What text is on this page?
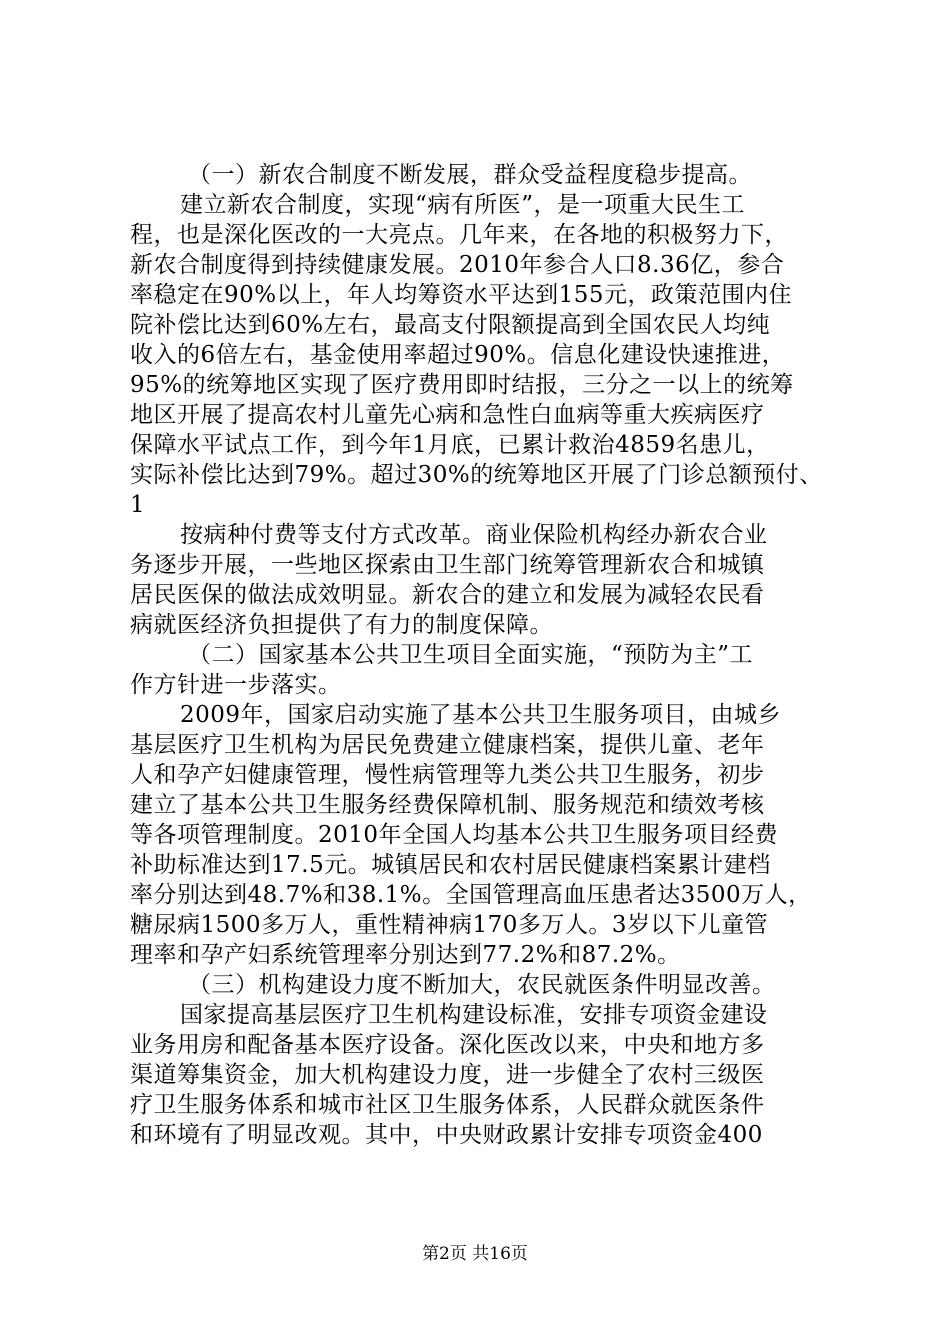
（一）新农合制度不断发展，群众受益程度稳步提高。
建立新农合制度，实现“病有所医”，是一项重大民生工
程，也是深化医改的一大亮点。几年来，在各地的积极努力下，
新农合制度得到持续健康发展。2010年参合人口8.36亿，参合
率稳定在90%以上，年人均筹资水平达到155元，政策范围内住
院补偿比达到60%左右，最高支付限额提高到全国农民人均纯
收入的6倍左右，基金使用率超过90%。信息化建设快速推进，
95%的统筹地区实现了医疗费用即时结报，三分之一以上的统筹
地区开展了提高农村儿童先心病和急性白血病等重大疾病医疗
保障水平试点工作，到今年1月底，已累计救治4859名患儿，
实际补偿比达到79%。超过30%的统筹地区开展了门诊总额预付、
1
按病种付费等支付方式改革。商业保险机构经办新农合业
务逐步开展，一些地区探索由卫生部门统筹管理新农合和城镇
居民医保的做法成效明显。新农合的建立和发展为减轻农民看
病就医经济负担提供了有力的制度保障。
（二）国家基本公共卫生项目全面实施，“预防为主”工
作方针进一步落实。
2009年，国家启动实施了基本公共卫生服务项目，由城乡
基层医疗卫生机构为居民免费建立健康档案，提供儿童、老年
人和孕产妇健康管理，慢性病管理等九类公共卫生服务，初步
建立了基本公共卫生服务经费保障机制、服务规范和绩效考核
等各项管理制度。2010年全国人均基本公共卫生服务项目经费
补助标准达到17.5元。城镇居民和农村居民健康档案累计建档
率分别达到48.7%和38.1%。全国管理高血压患者达3500万人，
糖尿病1500多万人，重性精神病170多万人。3岁以下儿童管
理率和孕产妇系统管理率分别达到77.2%和87.2%。
（三）机构建设力度不断加大，农民就医条件明显改善。
国家提高基层医疗卫生机构建设标准，安排专项资金建设
业务用房和配备基本医疗设备。深化医改以来，中央和地方多
渠道筹集资金，加大机构建设力度，进一步健全了农村三级医
疗卫生服务体系和城市社区卫生服务体系，人民群众就医条件
和环境有了明显改观。其中，中央财政累计安排专项资金400
第2页 共16页
